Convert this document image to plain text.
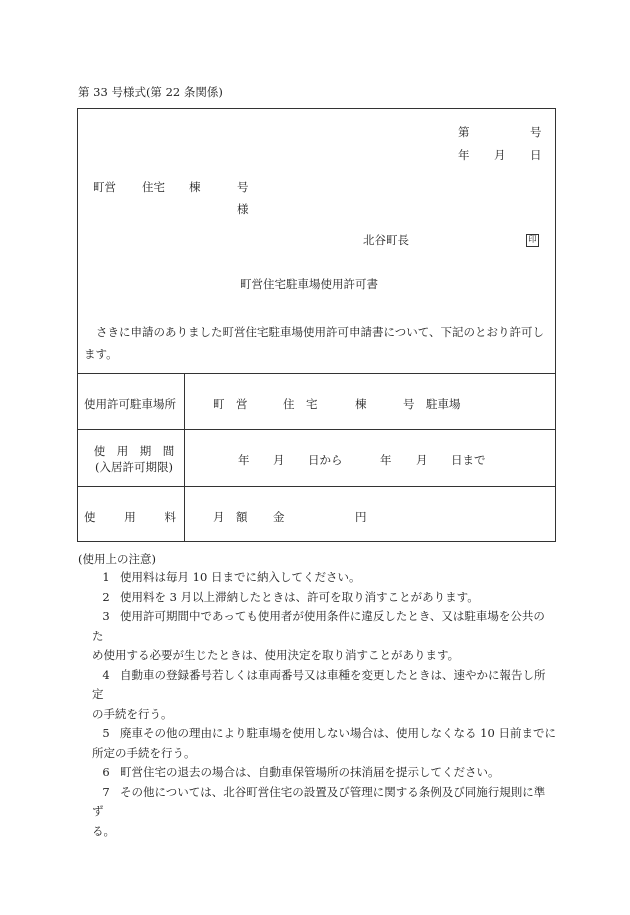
第 33 号様式(第 22 条関係)
第	号
年 月 日
町営 住宅 棟	号
様
北谷町長	印
町営住宅駐車場使用許可書
さきに申請のありました町営住宅駐車場使用許可申請書について、下記のとおり許可します。
使用許可駐車場所	町　営	住　宅	棟	号　駐車場
使　用　期　間
(入居許可期限)	年 月 日から	年 月 日まで
使	用	料	月　額 金	円
(使用上の注意)
1 使用料は毎月 10 日までに納入してください。
2 使用料を 3 月以上滞納したときは、許可を取り消すことがあります。
3 使用許可期間中であっても使用者が使用条件に違反したとき、又は駐車場を公共のた
め使用する必要が生じたときは、使用決定を取り消すことがあります。
4 自動車の登録番号若しくは車両番号又は車種を変更したときは、速やかに報告し所定
の手続を行う。
5 廃車その他の理由により駐車場を使用しない場合は、使用しなくなる 10 日前までに
所定の手続を行う。
6 町営住宅の退去の場合は、自動車保管場所の抹消届を提示してください。
7 その他については、北谷町営住宅の設置及び管理に関する条例及び同施行規則に準ず
る。
